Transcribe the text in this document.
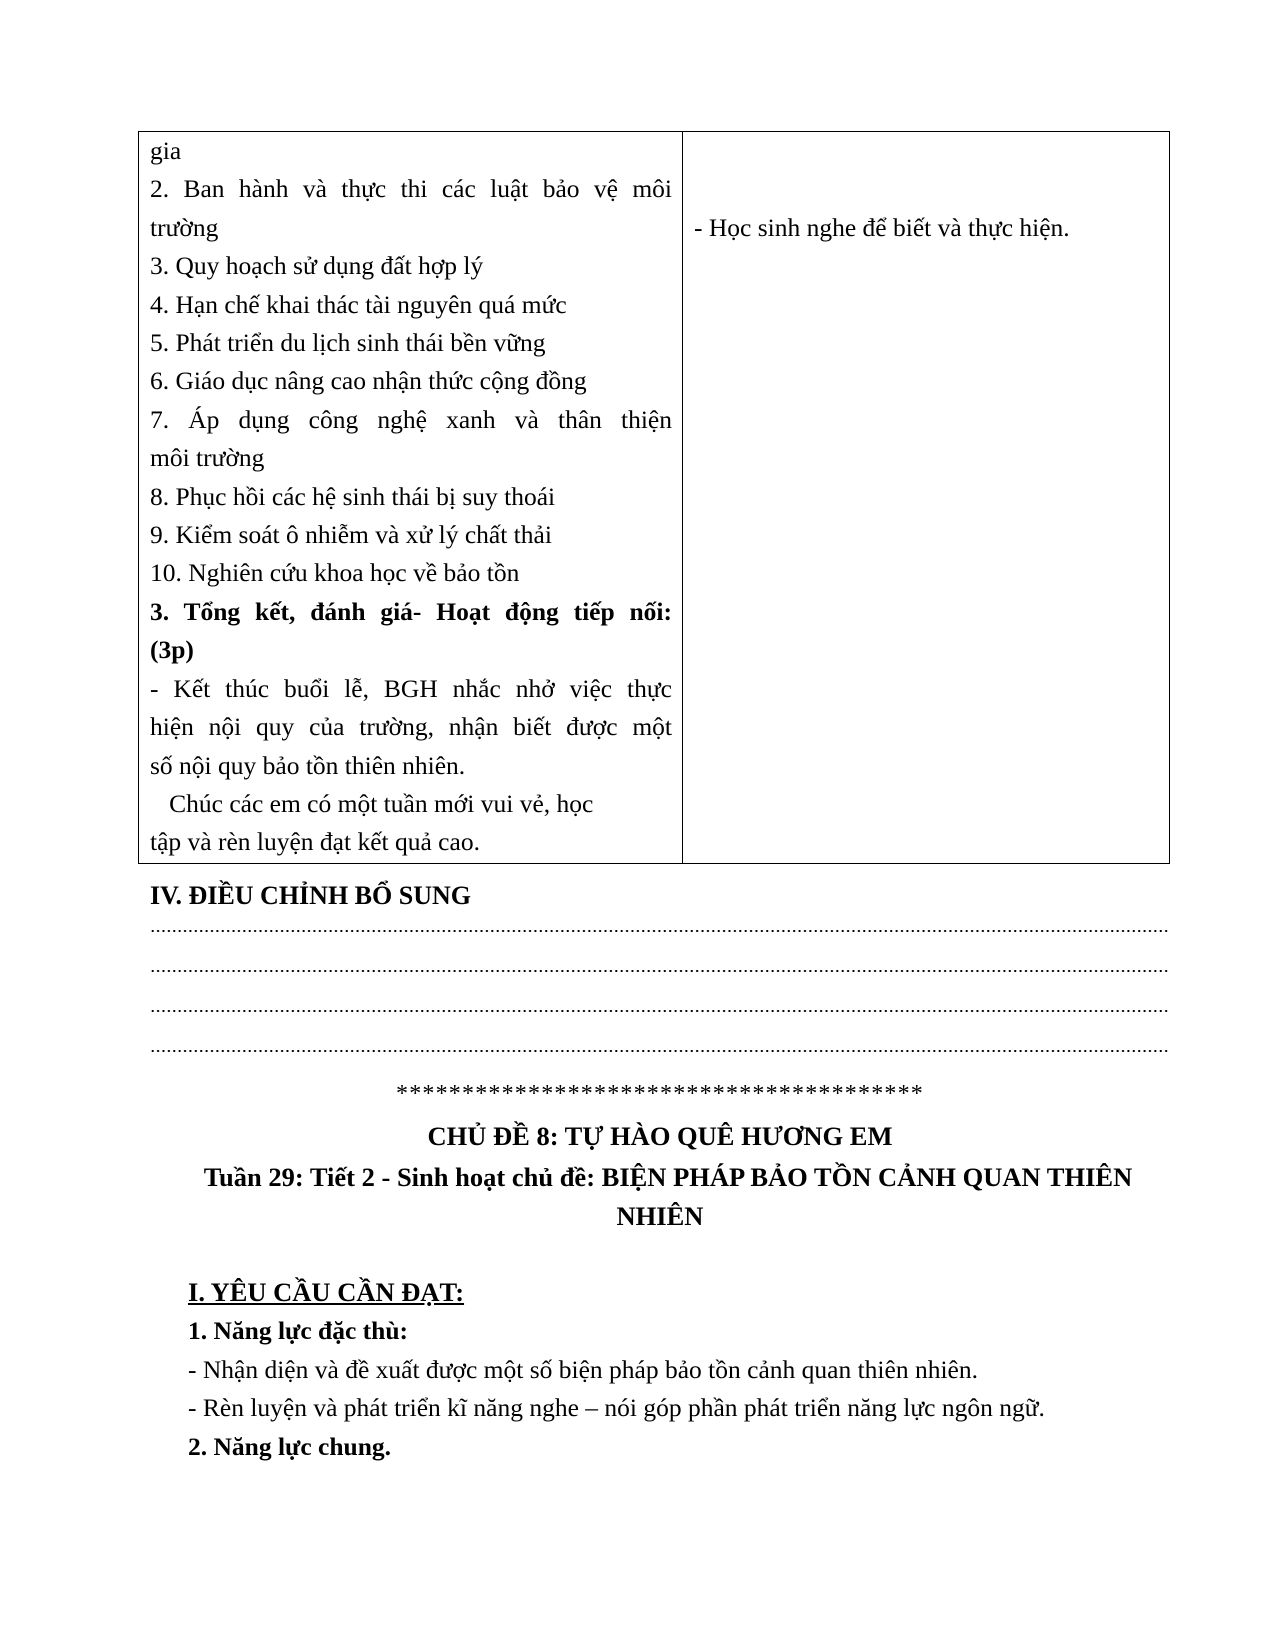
gia
2. Ban hành và thực thi các luật bảo vệ môi
trường
3. Quy hoạch sử dụng đất hợp lý
4. Hạn chế khai thác tài nguyên quá mức
5. Phát triển du lịch sinh thái bền vững
6. Giáo dục nâng cao nhận thức cộng đồng
7. Áp dụng công nghệ xanh và thân thiện
môi trường
8. Phục hồi các hệ sinh thái bị suy thoái
9. Kiểm soát ô nhiễm và xử lý chất thải
10. Nghiên cứu khoa học về bảo tồn
3. Tổng kết, đánh giá- Hoạt động tiếp nối:
(3p)
- Kết thúc buổi lễ, BGH nhắc nhở việc thực
hiện nội quy của trường, nhận biết được một
số nội quy bảo tồn thiên nhiên.
Chúc các em có một tuần mới vui vẻ, học
tập và rèn luyện đạt kết quả cao.
- Học sinh nghe để biết và thực hiện.
IV. ĐIỀU CHỈNH BỔ SUNG
****************************************
CHỦ ĐỀ 8: TỰ HÀO QUÊ HƯƠNG EM
Tuần 29: Tiết 2 - Sinh hoạt chủ đề: BIỆN PHÁP BẢO TỒN CẢNH QUAN THIÊN
NHIÊN
I. YÊU CẦU CẦN ĐẠT:
1. Năng lực đặc thù:
- Nhận diện và đề xuất được một số biện pháp bảo tồn cảnh quan thiên nhiên.
- Rèn luyện và phát triển kĩ năng nghe – nói góp phần phát triển năng lực ngôn ngữ.
2. Năng lực chung.
